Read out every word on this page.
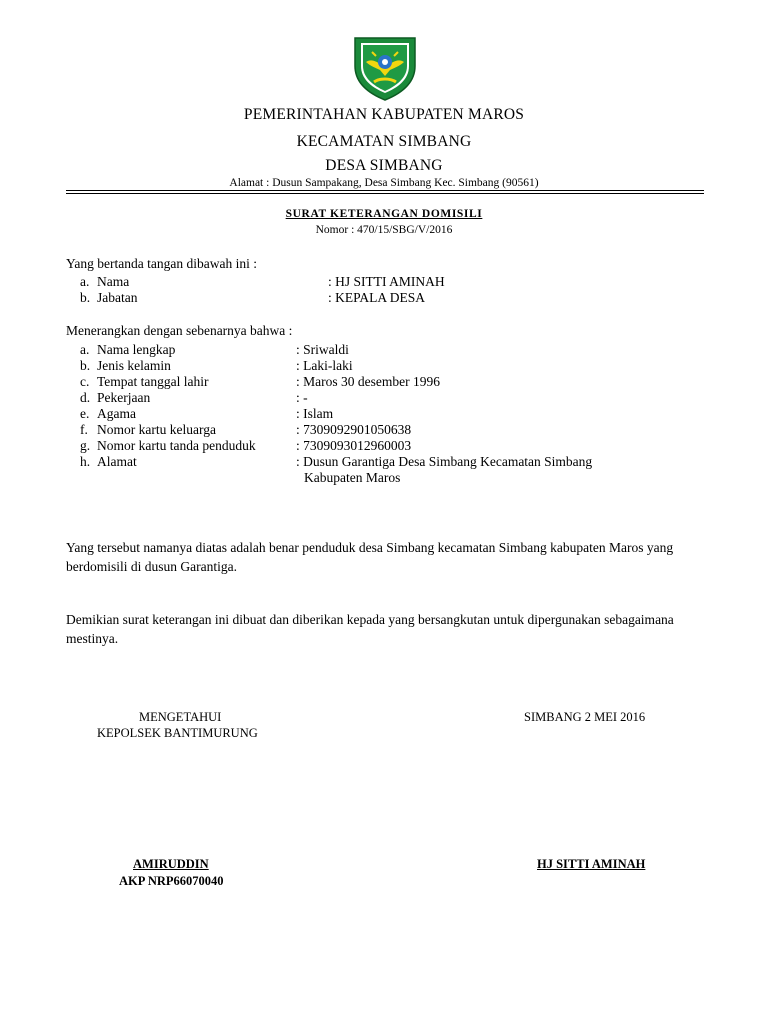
PEMERINTAHAN KABUPATEN MAROS
KECAMATAN SIMBANG
DESA SIMBANG
Alamat : Dusun Sampakang, Desa Simbang Kec. Simbang (90561)
SURAT KETERANGAN DOMISILI
Nomor : 470/15/SBG/V/2016
Yang bertanda tangan dibawah ini :
a. Nama	: HJ SITTI AMINAH
b. Jabatan	: KEPALA DESA
Menerangkan dengan sebenarnya bahwa :
a. Nama lengkap	: Sriwaldi
b. Jenis kelamin	: Laki-laki
c. Tempat tanggal lahir	: Maros 30 desember 1996
d. Pekerjaan	: -
e. Agama	: Islam
f. Nomor kartu keluarga	: 7309092901050638
g. Nomor kartu tanda penduduk	: 7309093012960003
h. Alamat	: Dusun Garantiga Desa Simbang Kecamatan Simbang
Kabupaten Maros
Yang tersebut namanya diatas adalah benar penduduk desa Simbang kecamatan Simbang kabupaten Maros yang berdomisili di dusun Garantiga.
Demikian surat keterangan ini dibuat dan diberikan kepada yang bersangkutan untuk dipergunakan sebagaimana mestinya.
MENGETAHUI
KEPOLSEK BANTIMURUNG
SIMBANG 2 MEI 2016
AMIRUDDIN
AKP NRP66070040
HJ SITTI AMINAH
